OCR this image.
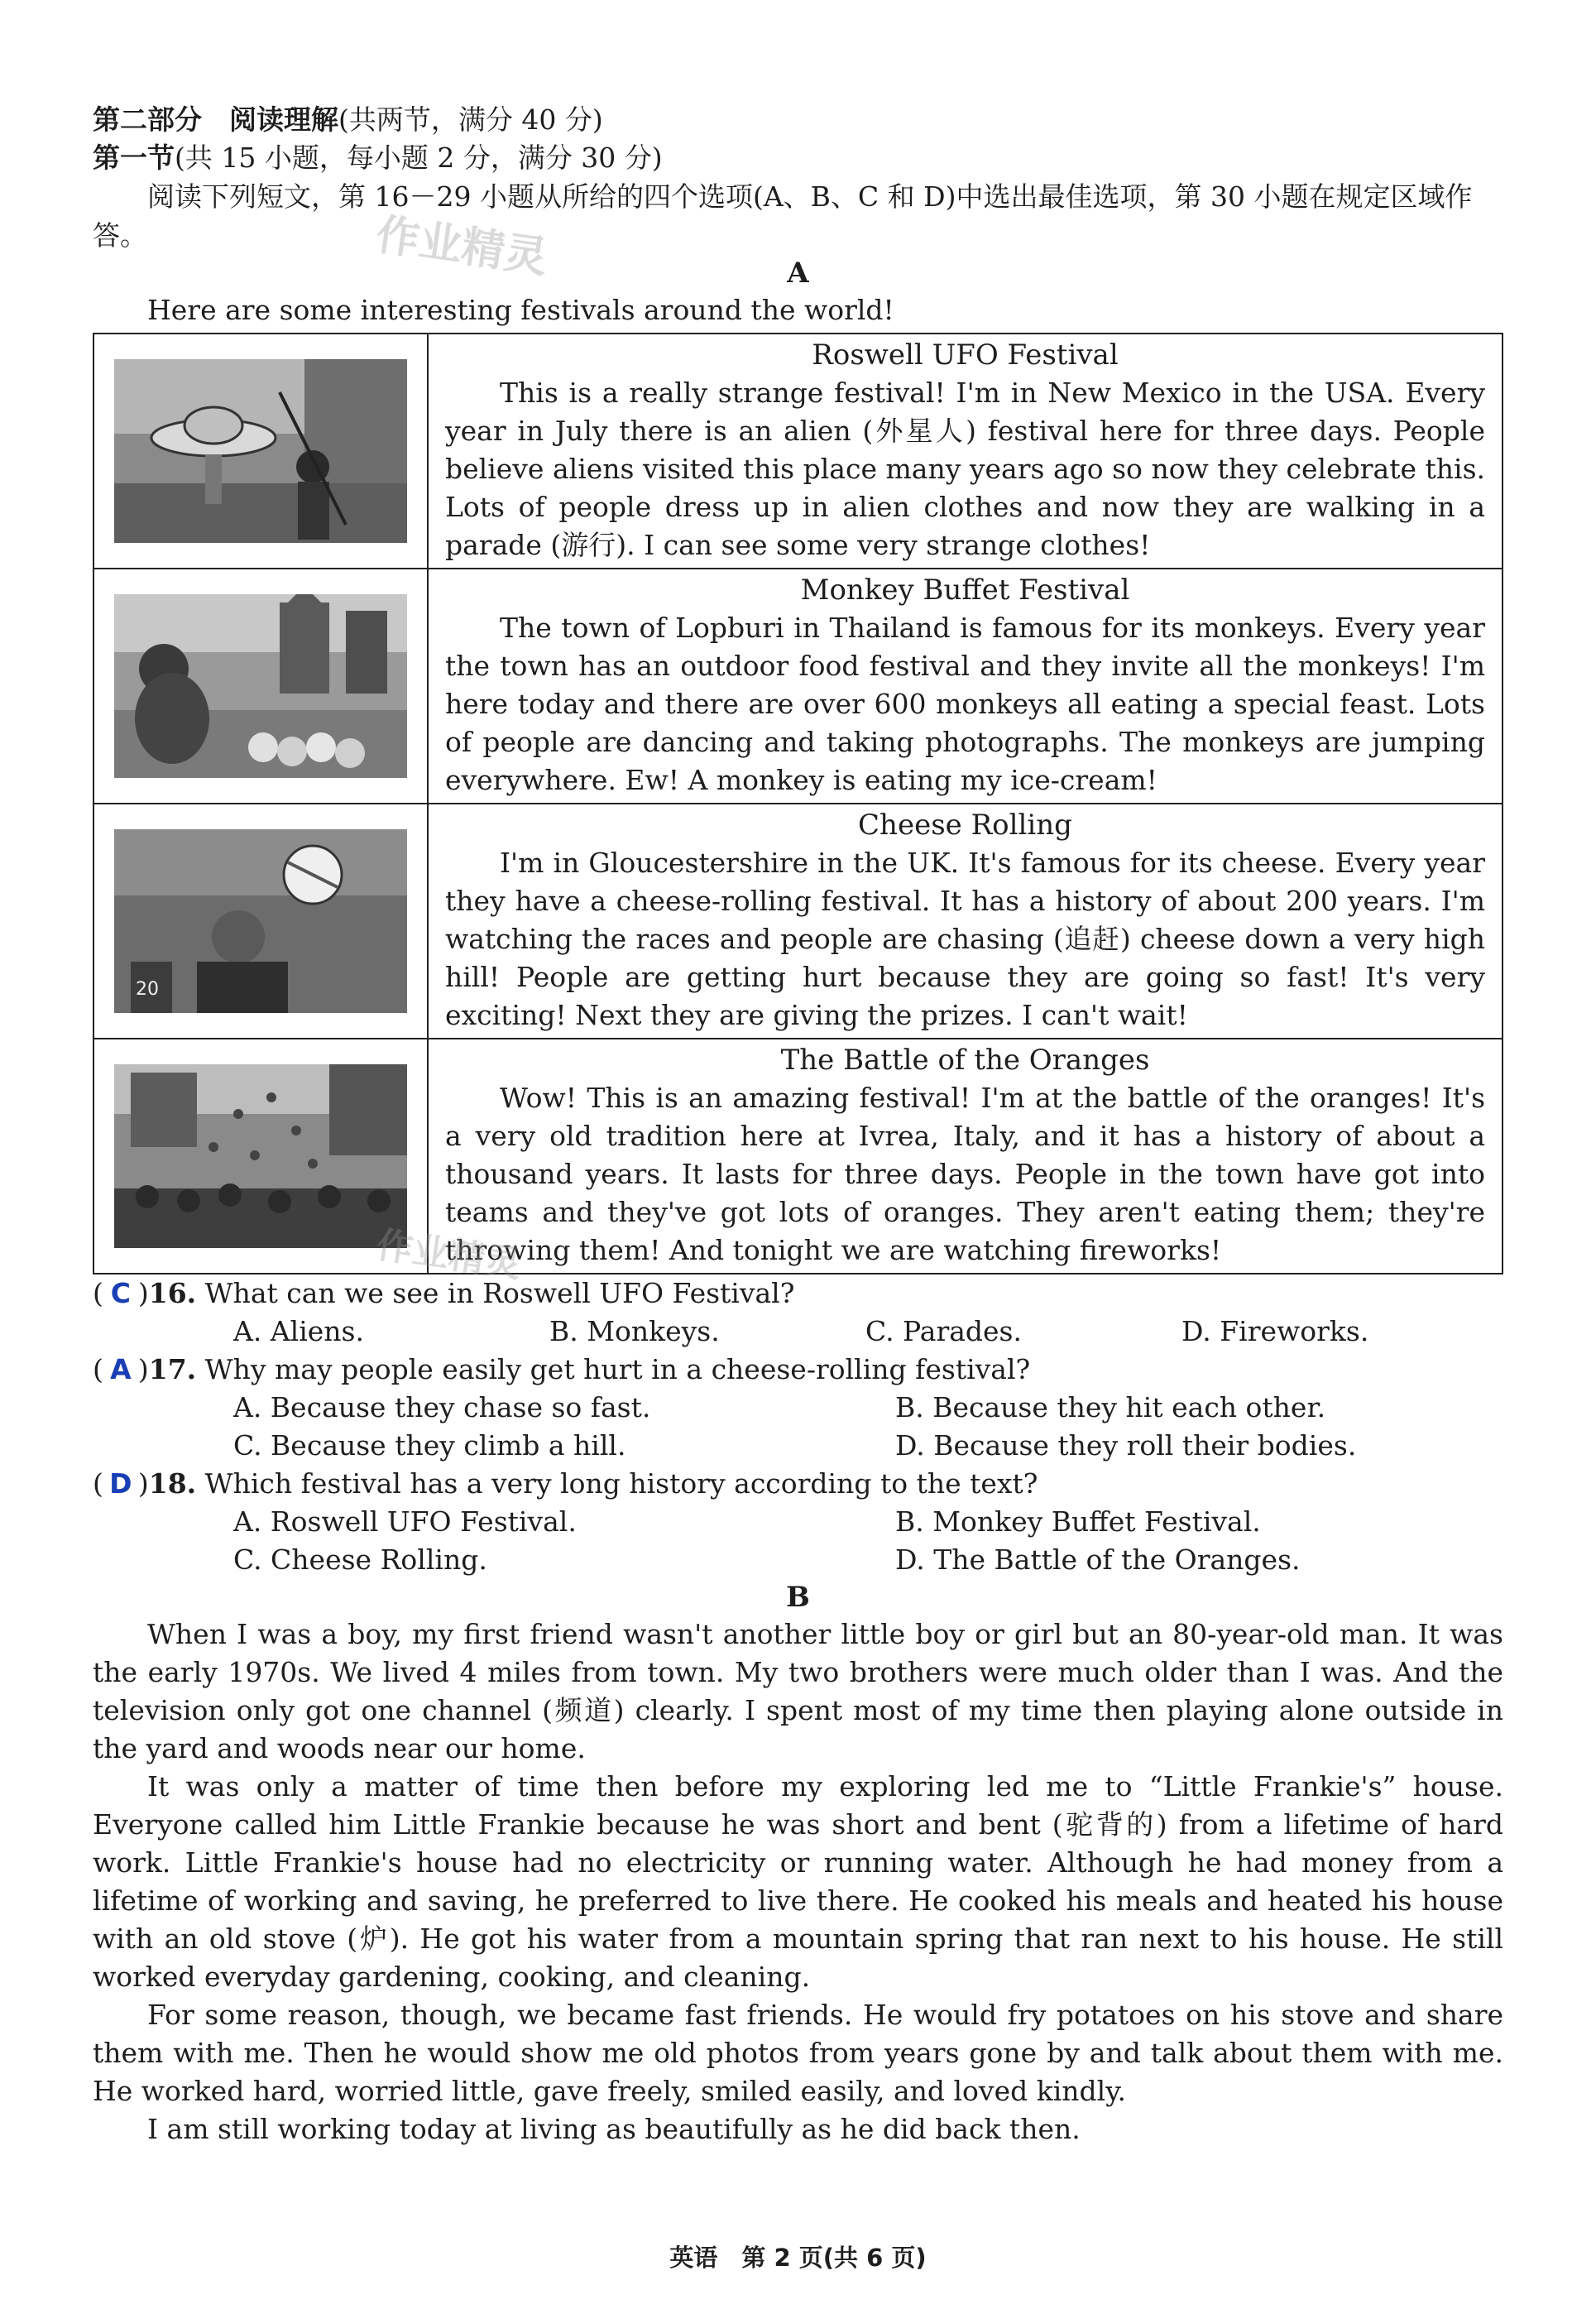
第二部分　阅读理解(共两节，满分 40 分)
第一节(共 15 小题，每小题 2 分，满分 30 分)
阅读下列短文，第 16－29 小题从所给的四个选项(A、B、C 和 D)中选出最佳选项，第 30 小题在规定区域作答。	作业精灵	A
Here are some interesting festivals around the world!
Roswell UFO Festival
This is a really strange festival! I'm in New Mexico in the USA. Every year in July there is an alien (外星人) festival here for three days. People believe aliens visited this place many years ago so now they celebrate this. Lots of people dress up in alien clothes and now they are walking in a parade (游行). I can see some very strange clothes!
Monkey Buffet Festival
The town of Lopburi in Thailand is famous for its monkeys. Every year the town has an outdoor food festival and they invite all the monkeys! I'm here today and there are over 600 monkeys all eating a special feast. Lots of people are dancing and taking photographs. The monkeys are jumping everywhere. Ew! A monkey is eating my ice-cream!
20
Cheese Rolling
I'm in Gloucestershire in the UK. It's famous for its cheese. Every year they have a cheese-rolling festival. It has a history of about 200 years. I'm watching the races and people are chasing (追赶) cheese down a very high hill! People are getting hurt because they are going so fast! It's very exciting! Next they are giving the prizes. I can't wait!
The Battle of the Oranges
Wow! This is an amazing festival! I'm at the battle of the oranges! It's a very old tradition here at Ivrea, Italy, and it has a history of about a thousand years. It lasts for three days. People in the town have got into teams and they've got lots of oranges. They aren't eating them; they're throwing them! And tonight we are watching fireworks!
作业精灵
( C )16. What can we see in Roswell UFO Festival?
A. Aliens.	B. Monkeys.	C. Parades.	D. Fireworks.
( A )17. Why may people easily get hurt in a cheese-rolling festival?
A. Because they chase so fast.	B. Because they hit each other.
C. Because they climb a hill.	D. Because they roll their bodies.
( D )18. Which festival has a very long history according to the text?
A. Roswell UFO Festival.	B. Monkey Buffet Festival.
C. Cheese Rolling.	D. The Battle of the Oranges.
B
When I was a boy, my first friend wasn't another little boy or girl but an 80-year-old man. It was the early 1970s. We lived 4 miles from town. My two brothers were much older than I was. And the television only got one channel (频道) clearly. I spent most of my time then playing alone outside in the yard and woods near our home.
It was only a matter of time then before my exploring led me to “Little Frankie's” house. Everyone called him Little Frankie because he was short and bent (驼背的) from a lifetime of hard work. Little Frankie's house had no electricity or running water. Although he had money from a lifetime of working and saving, he preferred to live there. He cooked his meals and heated his house with an old stove (炉). He got his water from a mountain spring that ran next to his house. He still worked everyday gardening, cooking, and cleaning.
For some reason, though, we became fast friends. He would fry potatoes on his stove and share them with me. Then he would show me old photos from years gone by and talk about them with me. He worked hard, worried little, gave freely, smiled easily, and loved kindly.
I am still working today at living as beautifully as he did back then.
英语　第 2 页(共 6 页)
